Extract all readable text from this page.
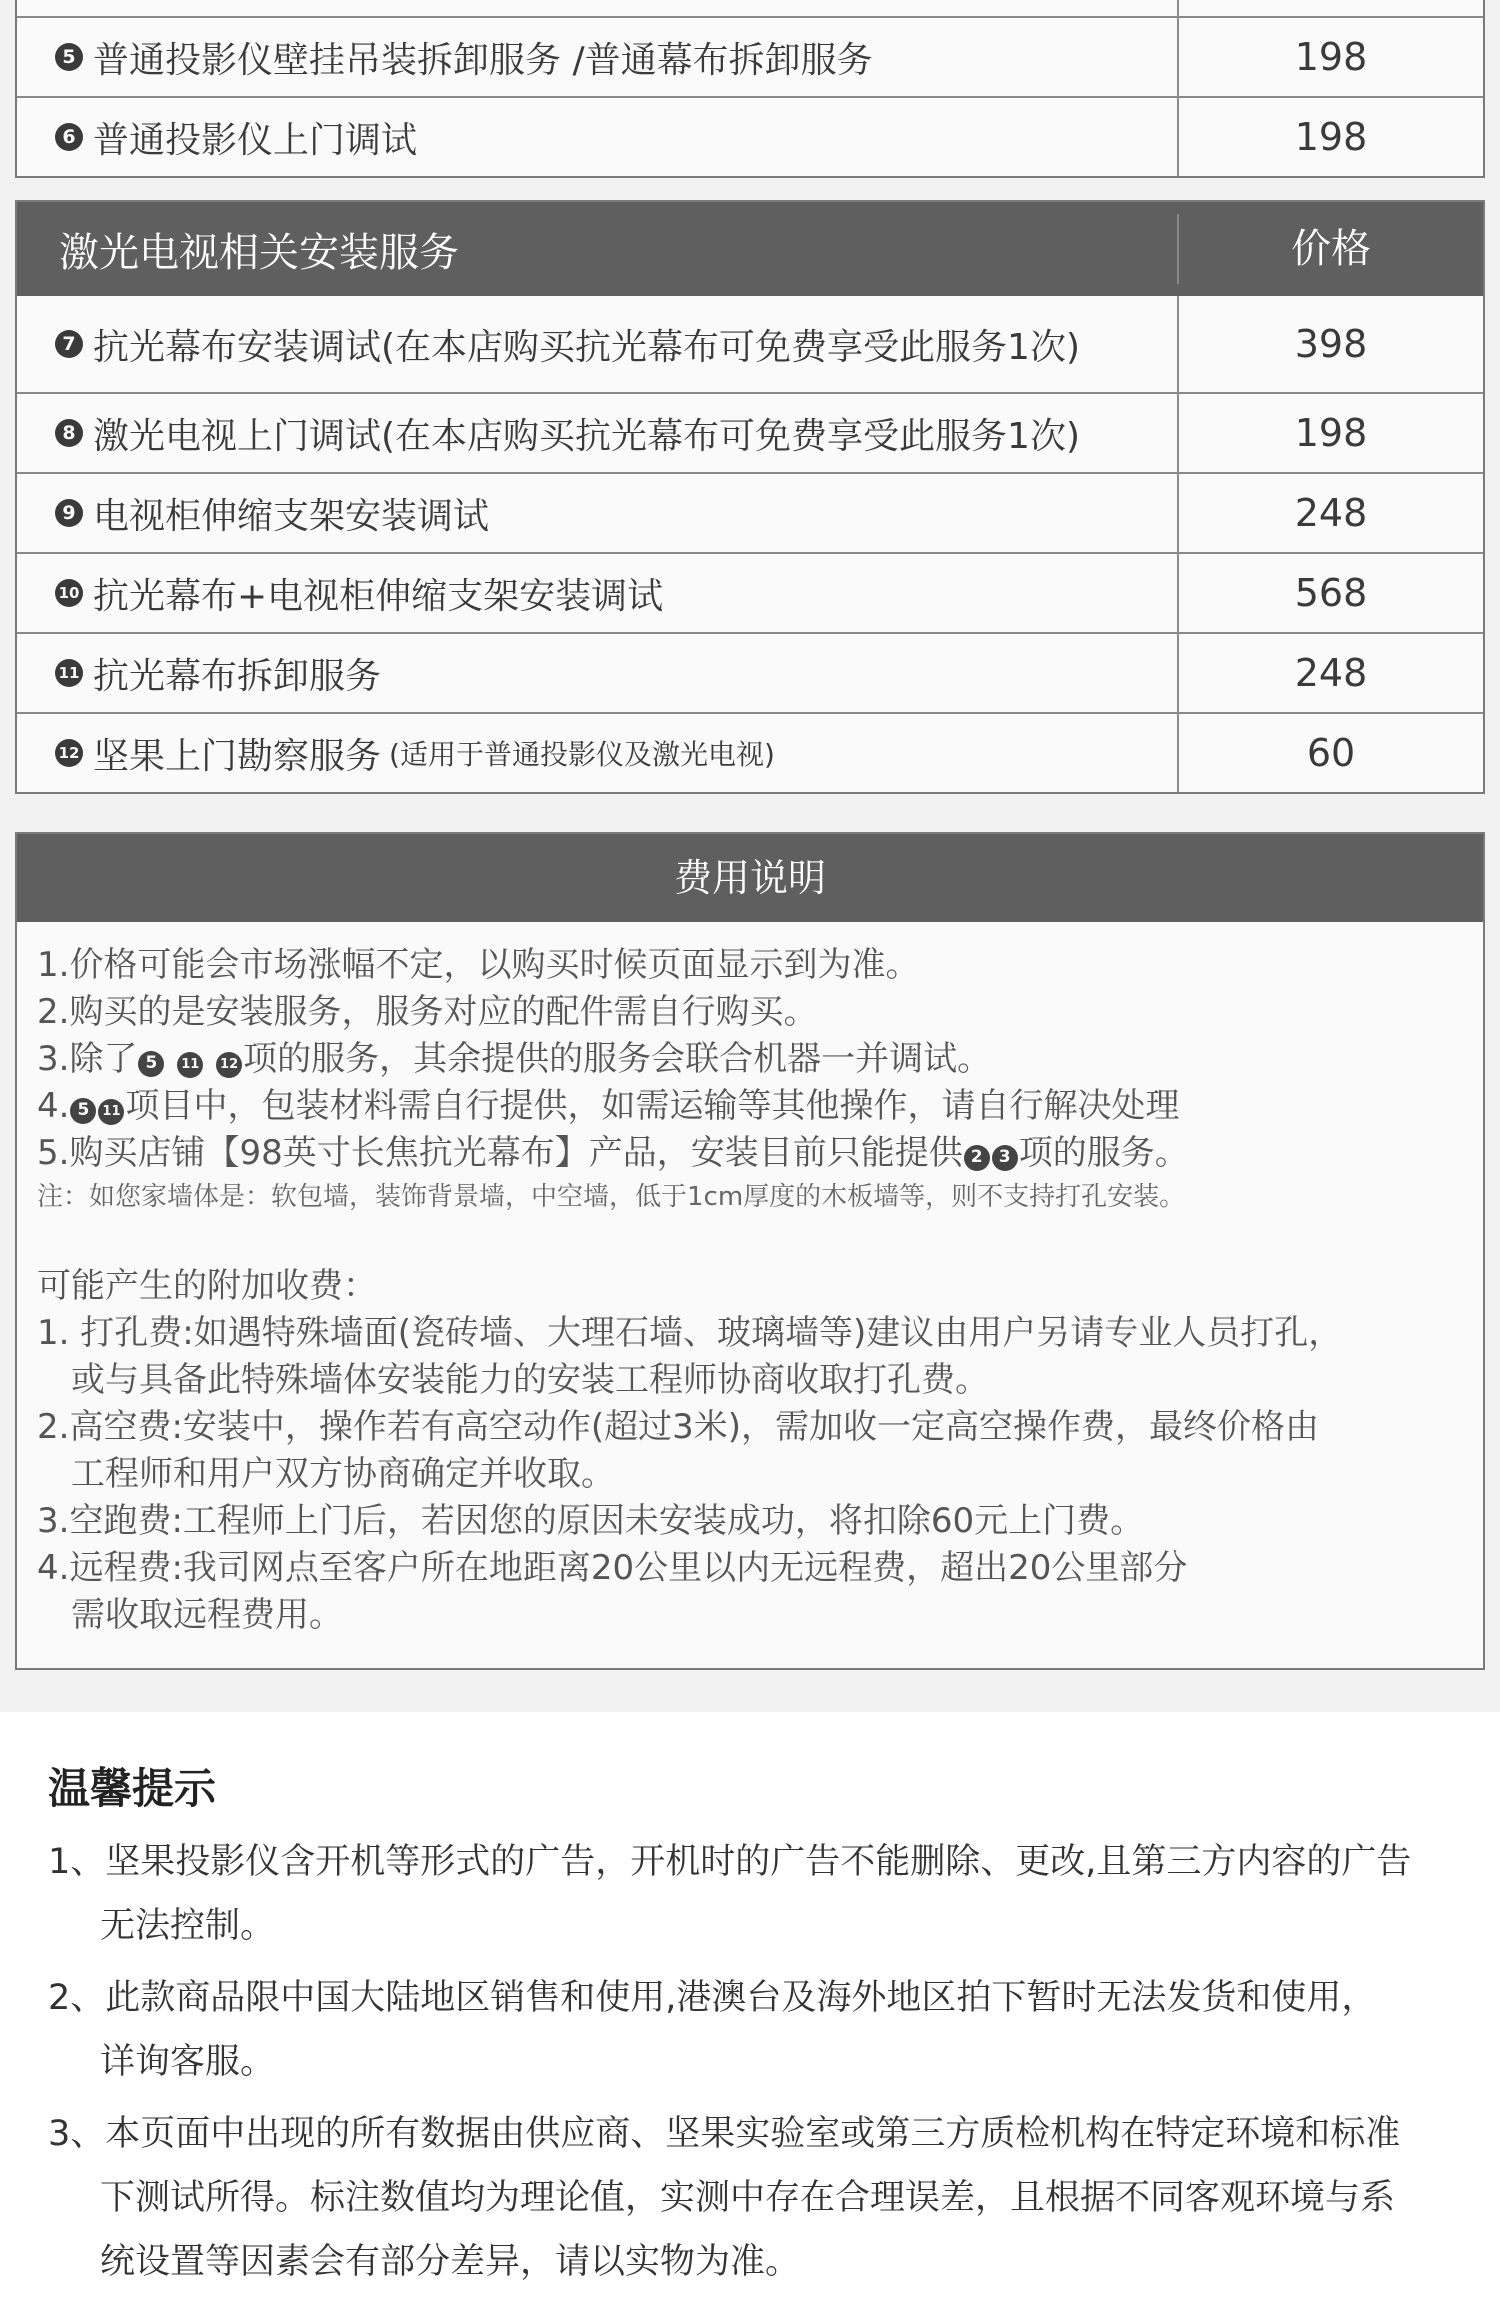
5 普通投影仪壁挂吊装拆卸服务 /普通幕布拆卸服务	198
6 普通投影仪上门调试	198
激光电视相关安装服务	价格
7 抗光幕布安装调试(在本店购买抗光幕布可免费享受此服务1次)	398
8 激光电视上门调试(在本店购买抗光幕布可免费享受此服务1次)	198
9 电视柜伸缩支架安装调试	248
10 抗光幕布+电视柜伸缩支架安装调试	568
11 抗光幕布拆卸服务	248
12 坚果上门勘察服务 (适用于普通投影仪及激光电视)	60
费用说明
1.价格可能会市场涨幅不定，以购买时候页面显示到为准。
2.购买的是安装服务，服务对应的配件需自行购买。
3.除了 5 11 12 项的服务，其余提供的服务会联合机器一并调试。
4. 5 11 项目中，包装材料需自行提供，如需运输等其他操作，请自行解决处理
5.购买店铺【98英寸长焦抗光幕布】产品，安装目前只能提供 2 3 项的服务。
注：如您家墙体是：软包墙，装饰背景墙，中空墙，低于1cm厚度的木板墙等，则不支持打孔安装。
可能产生的附加收费：
1. 打孔费:如遇特殊墙面(瓷砖墙、大理石墙、玻璃墙等)建议由用户另请专业人员打孔，
或与具备此特殊墙体安装能力的安装工程师协商收取打孔费。
2.高空费:安装中，操作若有高空动作(超过3米)，需加收一定高空操作费，最终价格由
工程师和用户双方协商确定并收取。
3.空跑费:工程师上门后，若因您的原因未安装成功，将扣除60元上门费。
4.远程费:我司网点至客户所在地距离20公里以内无远程费，超出20公里部分
需收取远程费用。
温馨提示
1、坚果投影仪含开机等形式的广告，开机时的广告不能删除、更改,且第三方内容的广告
无法控制。
2、此款商品限中国大陆地区销售和使用,港澳台及海外地区拍下暂时无法发货和使用，
详询客服。
3、本页面中出现的所有数据由供应商、坚果实验室或第三方质检机构在特定环境和标准
下测试所得。标注数值均为理论值，实测中存在合理误差，且根据不同客观环境与系
统设置等因素会有部分差异，请以实物为准。
